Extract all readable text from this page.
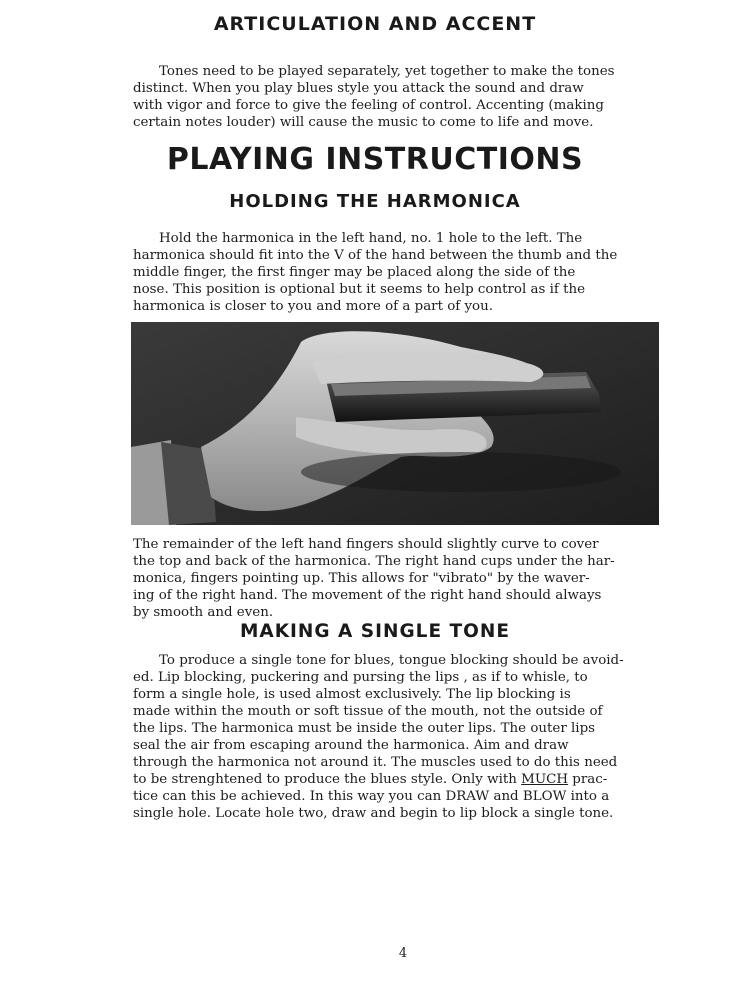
ARTICULATION AND ACCENT
Tones need to be played separately, yet together to make the tones
distinct. When you play blues style you attack the sound and draw
with vigor and force to give the feeling of control. Accenting (making
certain notes louder) will cause the music to come to life and move.
PLAYING INSTRUCTIONS
HOLDING THE HARMONICA
Hold the harmonica in the left hand, no. 1 hole to the left. The
harmonica should fit into the V of the hand between the thumb and the
middle finger, the first finger may be placed along the side of the
nose. This position is optional but it seems to help control as if the
harmonica is closer to you and more of a part of you.
The remainder of the left hand fingers should slightly curve to cover
the top and back of the harmonica. The right hand cups under the har-
monica, fingers pointing up. This allows for "vibrato" by the waver-
ing of the right hand. The movement of the right hand should always
by smooth and even.
MAKING A SINGLE TONE
To produce a single tone for blues, tongue blocking should be avoid-
ed. Lip blocking, puckering and pursing the lips , as if to whisle, to
form a single hole, is used almost exclusively. The lip blocking is
made within the mouth or soft tissue of the mouth, not the outside of
the lips. The harmonica must be inside the outer lips. The outer lips
seal the air from escaping around the harmonica. Aim and draw
through the harmonica not around it. The muscles used to do this need
to be strenghtened to produce the blues style. Only with MUCH prac-
tice can this be achieved. In this way you can DRAW and BLOW into a
single hole. Locate hole two, draw and begin to lip block a single tone.
4
